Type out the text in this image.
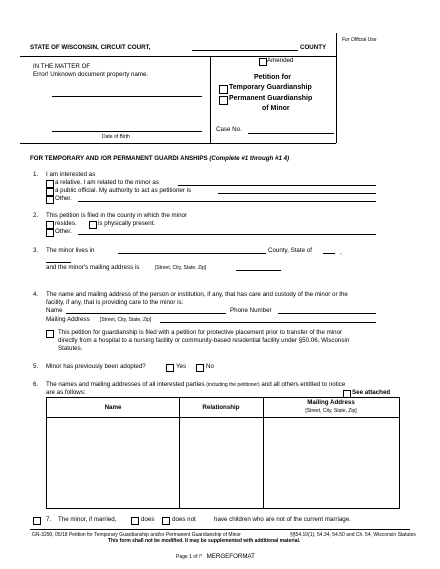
STATE OF WISCONSIN, CIRCUIT COURT,	COUNTY
For Official Use
IN THE MATTER OF
Error! Unknown document property name.
Date of Birth
Amended
Petition for
Temporary Guardianship
Permanent Guardianship
of Minor
Case No.
FOR TEMPORARY AND /OR PERMANENT GUARDI ANSHIPS (Complete #1 through #1 4)
1. I am interested as
a relative. I am related to the minor as
a public official. My authority to act as petitioner is
Other.
2. This petition is filed in the county in which the minor
resides.	is physically present.
Other.
3. The minor lives in	County, State of	,
and the minor's mailing address is	[Street, City, State, Zip]
4. The name and mailing address of the person or institution, if any, that has care and custody of the minor or the
facility, if any, that is providing care to the minor is:
Name	Phone Number
Mailing Address [Street, City, State, Zip]
This petition for guardianship is filed with a petition for protective placement prior to transfer of the minor
directly from a hospital to a nursing facility or community-based residential facility under §50.06, Wisconsin
Statutes.
5. Minor has previously been adopted?	Yes	No
6. The names and mailing addresses of all interested parties (including the petitioner) and all others entitled to notice
are as follows:	See attached
Name	Relationship
Mailing Address
[Street, City, State, Zip]
7. The minor, if married,	does	does not	have children who are not of the current marriage.
GN-3290, 05/18 Petition for Temporary Guardianship and/or Permanent Guardianship of Minor	§§54.10(1), 54.34, 54.50 and Ch. 54, Wisconsin Statutes
This form shall not be modified. It may be supplemented with additional material.
Page 1 of \* MERGEFORMAT
